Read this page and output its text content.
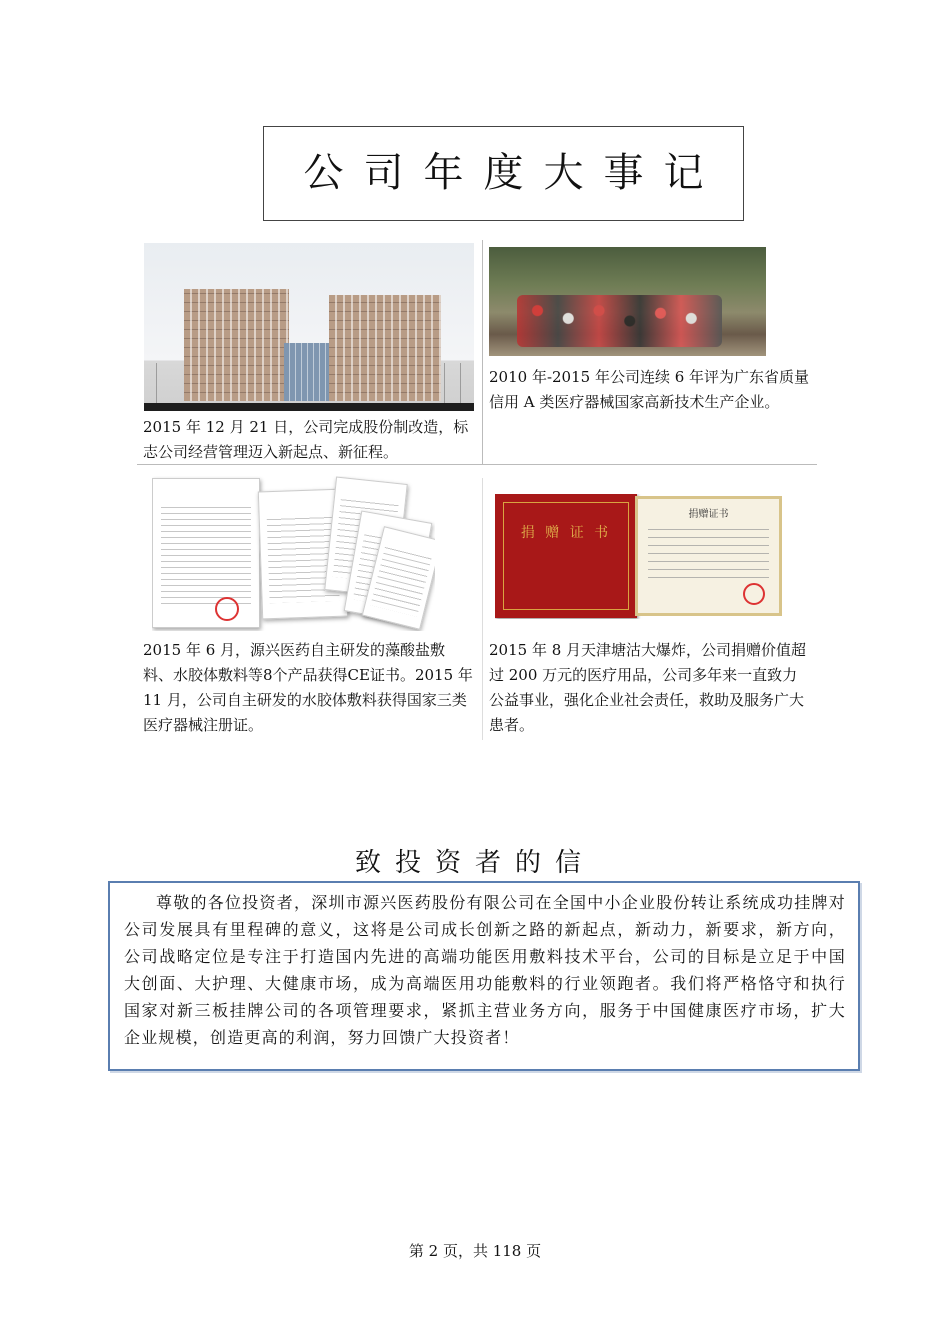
公司年度大事记

2015 年 12 月 21 日，公司完成股份制改造，标志公司经营管理迈入新起点、新征程。

2010 年-2015 年公司连续 6 年评为广东省质量信用 A 类医疗器械国家高新技术生产企业。

2015 年 6 月，源兴医药自主研发的藻酸盐敷料、水胶体敷料等8个产品获得CE证书。2015 年 11 月，公司自主研发的水胶体敷料获得国家三类医疗器械注册证。

捐 赠 证 书
捐赠证书

2015 年 8 月天津塘沽大爆炸，公司捐赠价值超过 200 万元的医疗用品，公司多年来一直致力公益事业，强化企业社会责任，救助及服务广大患者。

致投资者的信

尊敬的各位投资者，深圳市源兴医药股份有限公司在全国中小企业股份转让系统成功挂牌对公司发展具有里程碑的意义，这将是公司成长创新之路的新起点，新动力，新要求，新方向，公司战略定位是专注于打造国内先进的高端功能医用敷料技术平台，公司的目标是立足于中国大创面、大护理、大健康市场，成为高端医用功能敷料的行业领跑者。我们将严格恪守和执行国家对新三板挂牌公司的各项管理要求，紧抓主营业务方向，服务于中国健康医疗市场，扩大企业规模，创造更高的利润，努力回馈广大投资者！

第 2 页，共 118 页
